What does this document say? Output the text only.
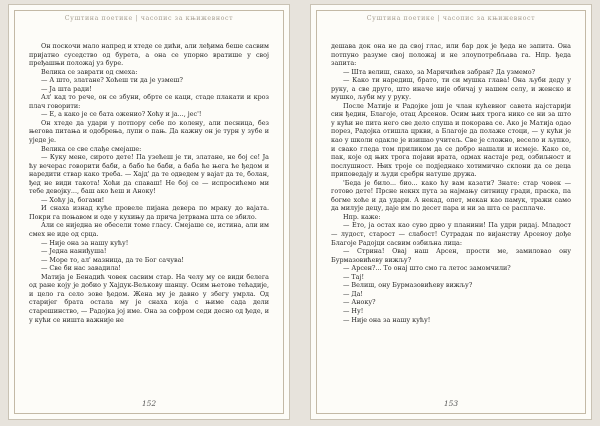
Суштина поетике | часопис за књижевност

Он поскочи мало напред и хтеде се дићи, али леђима беше сасвим пријатно суседство од бурета, а она се упорно вратише у свој пређашњи положај уз буре.

Велика се заврати од смеха:

— А што, златане? Хоћеш ти да је узмеш?

— Ја шта ради!

Ал' кад то рече, он се збуни, обрте се каци, стаде плакати и кроз плач говорити:

— Е, а како је се бата оженио? Хоћу и ја..., јес'!

Он хтеде да удари у потпору себе по колену, али песница, без његова питања и одобрења, лупи о пањ. Да кажну он је турн у зубе и уједе је.

Велика се све слађе смејаше:

— Куку мене, сирото дете! Па узећеш је ти, златане, не бој се! Ја ћу вечерас говорити баби, а бабо ће баби, а баба ће њега ће ђедом и наредити ствар како треба. — Хајд' да те одведем у вајат да те, болан, ђед не види такота! Хоћи да спаваш! Не бој се — испросићемо ми тебе девојку..., баш ако ћеш и Аноку!

— Хоћу ја, богами!

И снаха изнад куће провеле пијана девера по мраку до вајата. Покри га поњавом и оде у кухињу да прича јетрвама шта се збило.

Али се ниједна не обесели томе гласу. Смејаше се, истина, али им смех не иде од срца.

— Није она за нашу кућу!

— Једна наниђуша!

— Море то, ал' мазница, да те Бог сачува!

— Све би нас завадила!

Матија је Бенадић човек сасвим стар. На челу му се види белега од ране коју је добио у Хајдук-Вељкову шанцу. Осим њетове тећадије, и цело га село зове ђедом. Жена му је давно у збегу умрла. Од старијег брата остала му је снаха која с њиме сада дели старешинство, — Радојка јој име. Она за софром седи десно од ђеде, и у кући се ништа важније не

152
Суштина поетике | часопис за књижевност

дешава док она не да свој глас, или бар док је ђеда не запита. Она потпуно разуме свој положај и не злоупотребљава га. Нпр. ђеда запита:

— Шта велиш, снахо, за Маричићев забран? Да узмемо?

— Како ти наредиш, брато, ти си мушка глава! Она љуби деду у руку, а све друго, што иначе није обичај у нашем селу, и женско и мушко, љуби му у руку.

После Матије и Радојке још је члан кућевног савета најстарији син ђедин, Благоје, отац Арсенов. Осим њих трога нико се ни за што у кући не пита него све дело слуша и покорава се. Ако је Матија одао порез, Радојка отишла цркви, а Благоје да полаже стоци, — у кући је као у школи одакле је изишао учитељ. Све је сложно, весело и љупко, и свако гледа том приликом да се добро нашали и исмеје. Како се, пак, које од њих трога појави врата, одмах настаје ред, озбиљност и послушност. Њих троје се подједнако хотимично склони да се деца приповедају и људи сребрн натуше дружа.

'Беда је било... био... како ћу вам казати? Знате: стар човек — готово дете! Прсне некнх пута за најмању ситницу гради, праска, па богме хоће и да удари. А некад, опет, мекан као памук, тражи само да милује децу, даје им по десет пара и ни за шта се расплаче.

Нпр. каже:

— Ето, ја остах као суво дрво у планини! Па удри ридај. Младост — лудост, старост — слабост! Сутрадан по вијанству Арсеноу дође Благоје Радојци сасвим озбиљна лица:

— Стрина! Овај наш Арсен, прости ме, замиловао ону Бурмазовићеву вижљу?

— Арсен?... То онај што смо га летос замомчили?

— Тај!

— Велиш, ону Бурмазовићеву вижљу?

— Да!

— Аноку?

— Ну!

— Није она за нашу кућу!

153
